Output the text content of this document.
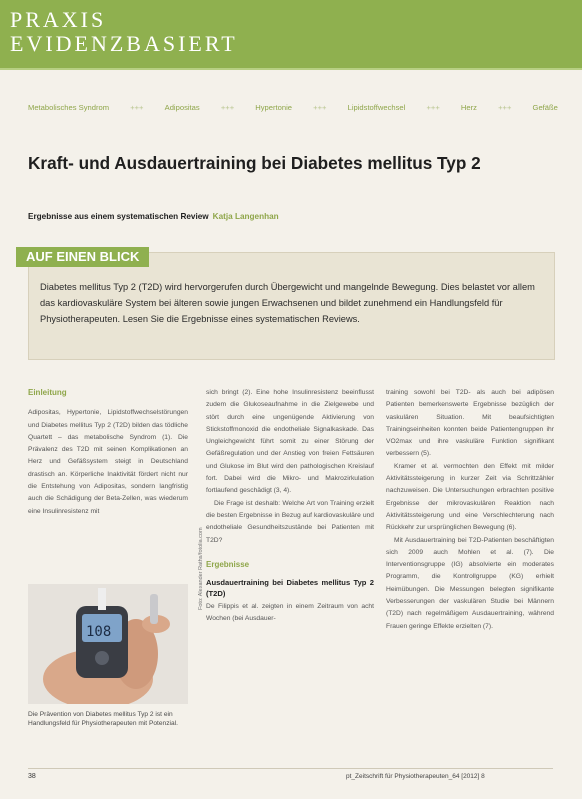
PRAXIS
EVIDENZBASIERT
Metabolisches Syndrom	+++	Adipositas	+++	Hypertonie	+++	Lipidstoffwechsel	+++	Herz	+++	Gefäße
Kraft- und Ausdauertraining bei Diabetes mellitus Typ 2
Ergebnisse aus einem systematischen Review Katja Langenhan
AUF EINEN BLICK
Diabetes mellitus Typ 2 (T2D) wird hervorgerufen durch Übergewicht und mangelnde Bewegung. Dies belastet vor allem das kardiovaskuläre System bei älteren sowie jungen Erwachsenen und bildet zunehmend ein Handlungsfeld für Physiotherapeuten. Lesen Sie die Ergebnisse eines systematischen Reviews.
Einleitung
Adipositas, Hypertonie, Lipidstoffwechselstörungen und Diabetes mellitus Typ 2 (T2D) bilden das tödliche Quartett – das metabolische Syndrom (1). Die Prävalenz des T2D mit seinen Komplikationen an Herz und Gefäßsystem steigt in Deutschland drastisch an. Körperliche Inaktivität fördert nicht nur die Entstehung von Adipositas, sondern langfristig auch die Schädigung der Beta-Zellen, was wiederum eine Insulinresistenz mit
108
Die Prävention von Diabetes mellitus Typ 2 ist ein Handlungsfeld für Physiotherapeuten mit Potenzial.
Foto: Alexander Raths/fotolia.com
sich bringt (2). Eine hohe Insulinresistenz beeinflusst zudem die Glukoseaufnahme in die Zielgewebe und stört durch eine ungenügende Aktivierung von Stickstoffmonoxid die endotheliale Signalkaskade. Das Ungleichgewicht führt somit zu einer Störung der Gefäßregulation und der Anstieg von freien Fettsäuren und Glukose im Blut wird den pathologischen Kreislauf fort. Dabei wird die Mikro- und Makrozirkulation fortlaufend geschädigt (3, 4).
Die Frage ist deshalb: Welche Art von Training erzielt die besten Ergebnisse in Bezug auf kardiovaskuläre und endotheliale Gesundheitszustände bei Patienten mit T2D?
Ergebnisse
Ausdauertraining bei Diabetes mellitus Typ 2 (T2D)
De Filippis et al. zeigten in einem Zeitraum von acht Wochen (bei Ausdauer-
training sowohl bei T2D- als auch bei adipösen Patienten bemerkenswerte Ergebnisse bezüglich der vaskulären Situation. Mit beaufsichtigten Trainingseinheiten konnten beide Patientengruppen ihr VO2max und ihre vaskuläre Funktion signifikant verbessern (5).
Kramer et al. vermochten den Effekt mit milder Aktivitätssteigerung in kurzer Zeit via Schrittzähler nachzuweisen. Die Untersuchungen erbrachten positive Ergebnisse der mikrovaskulären Reaktion nach Aktivitätssteigerung und eine Verschlechterung nach Rückkehr zur ursprünglichen Bewegung (6).
Mit Ausdauertraining bei T2D-Patienten beschäftigten sich 2009 auch Mohlen et al. (7). Die Interventionsgruppe (IG) absolvierte ein moderates Programm, die Kontrollgruppe (KG) erhielt Heimübungen. Die Messungen belegten signifikante Verbesserungen der vaskulären Studie bei Männern (T2D) nach regelmäßigem Ausdauertraining, während Frauen geringe Effekte erzielten (7).
38	pt_Zeitschrift für Physiotherapeuten_64 [2012] 8
